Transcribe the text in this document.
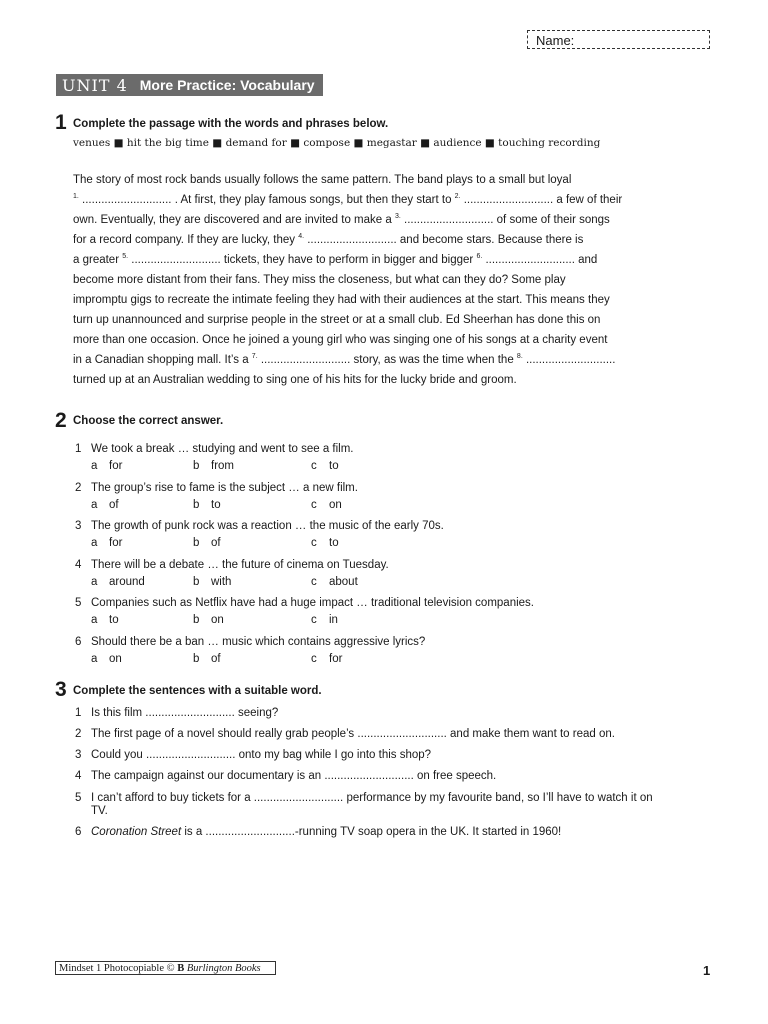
Name:
UNIT 4 More Practice: Vocabulary
1 Complete the passage with the words and phrases below.
venues ■ hit the big time ■ demand for ■ compose ■ megastar ■ audience ■ touching recording
The story of most rock bands usually follows the same pattern. The band plays to a small but loyal
$^{1.}$ ............................ . At first, they play famous songs, but then they start to $^{2.}$ ............................ a few of their
own. Eventually, they are discovered and are invited to make a $^{3.}$ ............................ of some of their songs
for a record company. If they are lucky, they $^{4.}$ ............................ and become stars. Because there is
a greater $^{5.}$ ............................ tickets, they have to perform in bigger and bigger $^{6.}$ ............................ and
become more distant from their fans. They miss the closeness, but what can they do? Some play
impromptu gigs to recreate the intimate feeling they had with their audiences at the start. This means they
turn up unannounced and surprise people in the street or at a small club. Ed Sheerhan has done this on
more than one occasion. Once he joined a young girl who was singing one of his songs at a charity event
in a Canadian shopping mall. It’s a $^{7.}$ ............................ story, as was the time when the $^{8.}$ ............................
turned up at an Australian wedding to sing one of his hits for the lucky bride and groom.
2 Choose the correct answer.
1 We took a break … studying and went to see a film.
a for	b from	c to
2 The group’s rise to fame is the subject … a new film.
a of	b to	c on
3 The growth of punk rock was a reaction … the music of the early 70s.
a for	b of	c to
4 There will be a debate … the future of cinema on Tuesday.
a around	b with	c about
5 Companies such as Netflix have had a huge impact … traditional television companies.
a to	b on	c in
6 Should there be a ban … music which contains aggressive lyrics?
a on	b of	c for
3 Complete the sentences with a suitable word.
1 Is this film ............................ seeing?
2 The first page of a novel should really grab people’s ............................ and make them want to read on.
3 Could you ............................ onto my bag while I go into this shop?
4 The campaign against our documentary is an ............................ on free speech.
5 I can’t afford to buy tickets for a ............................ performance by my favourite band, so I’ll have to watch it on
TV.
6 Coronation Street is a ............................-running TV soap opera in the UK. It started in 1960!
Mindset 1 Photocopiable © B Burlington Books	1
